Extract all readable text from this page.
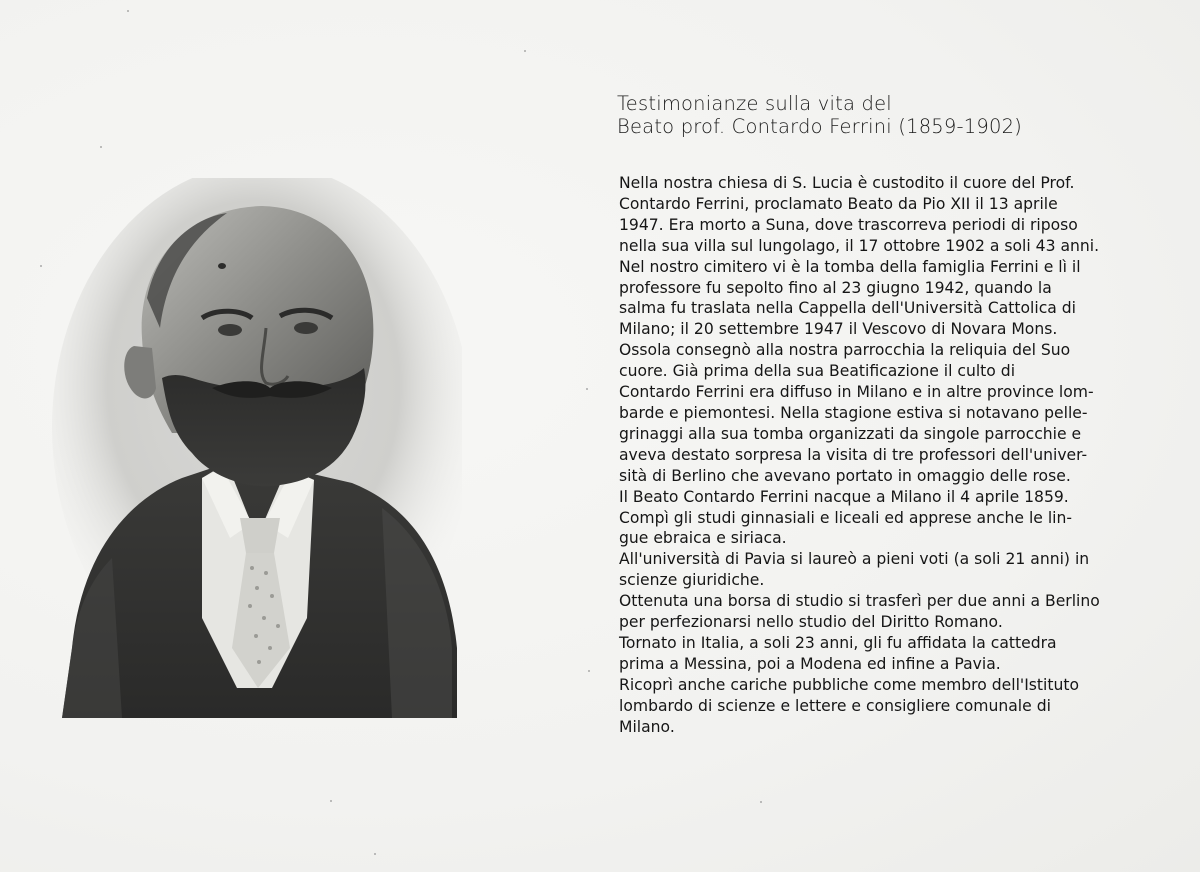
Testimonianze sulla vita del
Beato prof. Contardo Ferrini (1859-1902)
Nella nostra chiesa di S. Lucia è custodito il cuore del Prof.
Contardo Ferrini, proclamato Beato da Pio XII il 13 aprile
1947. Era morto a Suna, dove trascorreva periodi di riposo
nella sua villa sul lungolago, il 17 ottobre 1902 a soli 43 anni.
Nel nostro cimitero vi è la tomba della famiglia Ferrini e lì il
professore fu sepolto fino al 23 giugno 1942, quando la
salma fu traslata nella Cappella dell'Università Cattolica di
Milano; il 20 settembre 1947 il Vescovo di Novara Mons.
Ossola consegnò alla nostra parrocchia la reliquia del Suo
cuore. Già prima della sua Beatificazione il culto di
Contardo Ferrini era diffuso in Milano e in altre province lom-
barde e piemontesi. Nella stagione estiva si notavano pelle-
grinaggi alla sua tomba organizzati da singole parrocchie e
aveva destato sorpresa la visita di tre professori dell'univer-
sità di Berlino che avevano portato in omaggio delle rose.
Il Beato Contardo Ferrini nacque a Milano il 4 aprile 1859.
Compì gli studi ginnasiali e liceali ed apprese anche le lin-
gue ebraica e siriaca.
All'università di Pavia si laureò a pieni voti (a soli 21 anni) in
scienze giuridiche.
Ottenuta una borsa di studio si trasferì per due anni a Berlino
per perfezionarsi nello studio del Diritto Romano.
Tornato in Italia, a soli 23 anni, gli fu affidata la cattedra
prima a Messina, poi a Modena ed infine a Pavia.
Ricoprì anche cariche pubbliche come membro dell'Istituto
lombardo di scienze e lettere e consigliere comunale di
Milano.
